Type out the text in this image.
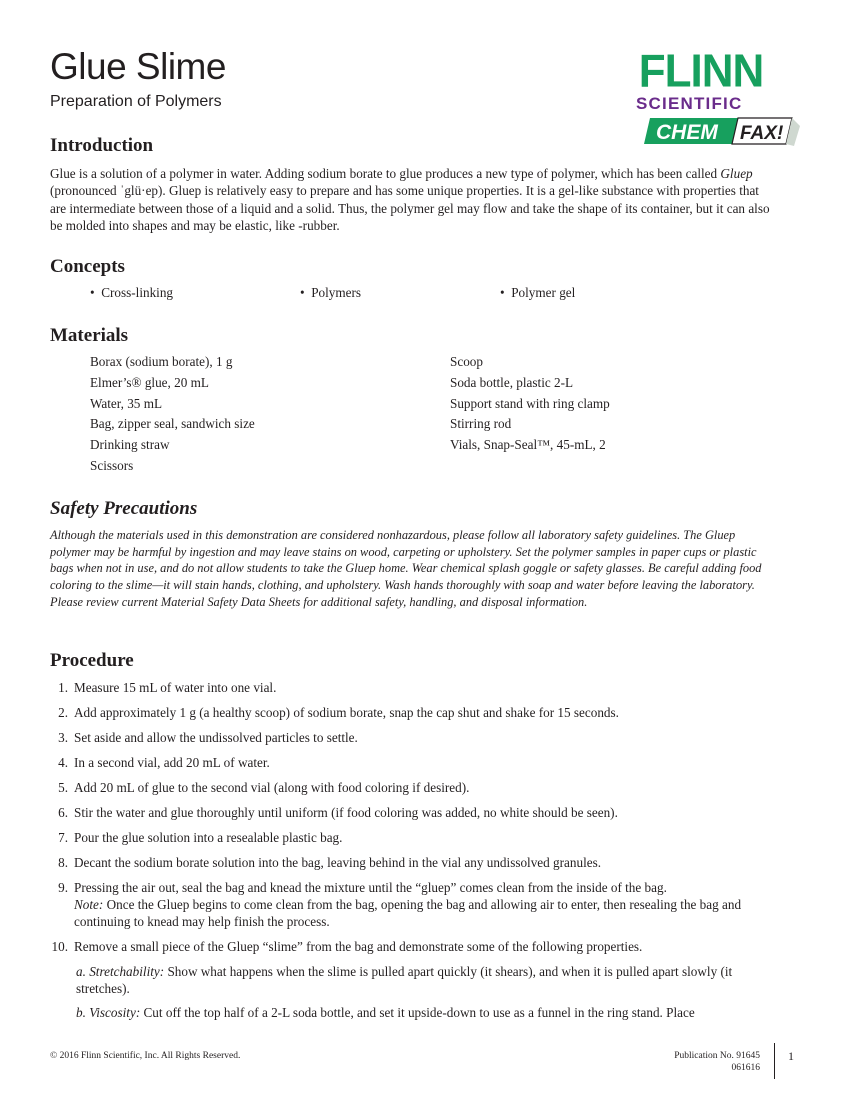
Glue Slime
Preparation of Polymers
FLINN
SCIENTIFIC
CHEM FAX!
Introduction
Glue is a solution of a polymer in water. Adding sodium borate to glue produces a new type of polymer, which has been called Gluep (pronounced ˈglü·ep). Gluep is relatively easy to prepare and has some unique properties. It is a gel-like substance with properties that are intermediate between those of a liquid and a solid. Thus, the polymer gel may flow and take the shape of its container, but it can also be molded into shapes and may be elastic, like -rubber.
Concepts
•  Cross-linking	•  Polymers	•  Polymer gel
Materials
Borax (sodium borate), 1 g
Elmer’s® glue, 20 mL
Water, 35 mL
Bag, zipper seal, sandwich size
Drinking straw
Scissors
Scoop
Soda bottle, plastic 2-L
Support stand with ring clamp
Stirring rod
Vials, Snap-Seal™, 45-mL, 2
Safety Precautions
Although the materials used in this demonstration are considered nonhazardous, please follow all laboratory safety guidelines. The Gluep polymer may be harmful by ingestion and may leave stains on wood, carpeting or upholstery. Set the polymer samples in paper cups or plastic bags when not in use, and do not allow students to take the Gluep home. Wear chemical splash goggle or safety glasses. Be careful adding food coloring to the slime—it will stain hands, clothing, and upholstery. Wash hands thoroughly with soap and water before leaving the laboratory. Please review current Material Safety Data Sheets for additional safety, handling, and disposal information.
Procedure
1. Measure 15 mL of water into one vial.
2. Add approximately 1 g (a healthy scoop) of sodium borate, snap the cap shut and shake for 15 seconds.
3. Set aside and allow the undissolved particles to settle.
4. In a second vial, add 20 mL of water.
5. Add 20 mL of glue to the second vial (along with food coloring if desired).
6. Stir the water and glue thoroughly until uniform (if food coloring was added, no white should be seen).
7. Pour the glue solution into a resealable plastic bag.
8. Decant the sodium borate solution into the bag, leaving behind in the vial any undissolved granules.
9. Pressing the air out, seal the bag and knead the mixture until the “gluep” comes clean from the inside of the bag.
Note: Once the Gluep begins to come clean from the bag, opening the bag and allowing air to enter, then resealing the bag and continuing to knead may help finish the process.
10. Remove a small piece of the Gluep “slime” from the bag and demonstrate some of the following properties.
a. Stretchability: Show what happens when the slime is pulled apart quickly (it shears), and when it is pulled apart slowly (it stretches).
b. Viscosity: Cut off the top half of a 2-L soda bottle, and set it upside-down to use as a funnel in the ring stand. Place
© 2016 Flinn Scientific, Inc. All Rights Reserved.	Publication No. 91645
061616
1
